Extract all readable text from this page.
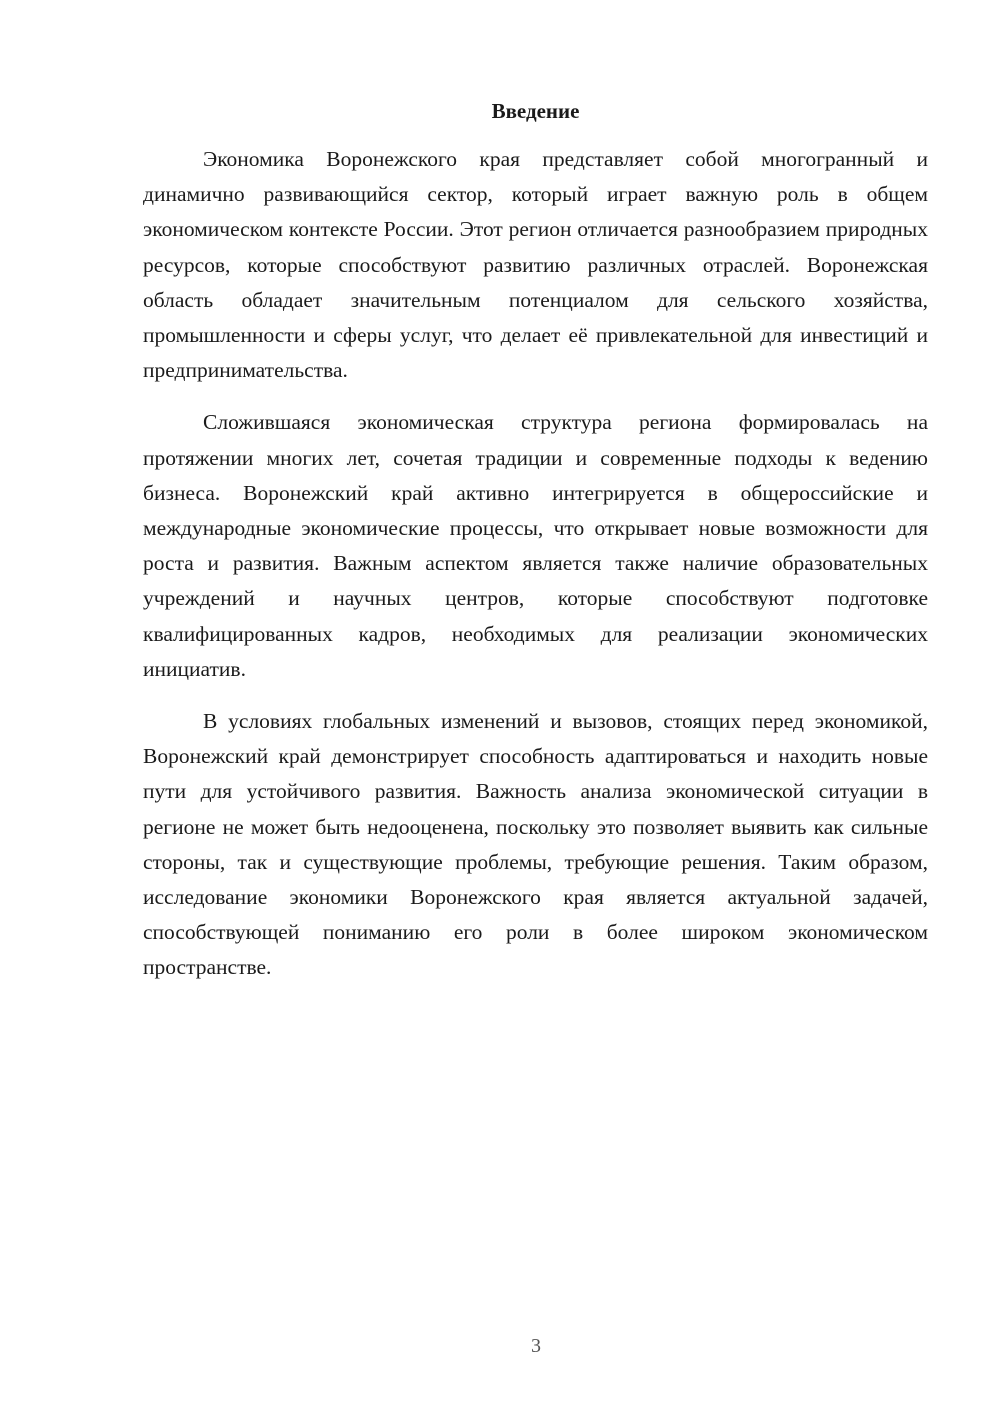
Введение

Экономика Воронежского края представляет собой многогранный и динамично развивающийся сектор, который играет важную роль в общем экономическом контексте России. Этот регион отличается разнообразием природных ресурсов, которые способствуют развитию различных отраслей. Воронежская область обладает значительным потенциалом для сельского хозяйства, промышленности и сферы услуг, что делает её привлекательной для инвестиций и предпринимательства.

Сложившаяся экономическая структура региона формировалась на протяжении многих лет, сочетая традиции и современные подходы к ведению бизнеса. Воронежский край активно интегрируется в общероссийские и международные экономические процессы, что открывает новые возможности для роста и развития. Важным аспектом является также наличие образовательных учреждений и научных центров, которые способствуют подготовке квалифицированных кадров, необходимых для реализации экономических инициатив.

В условиях глобальных изменений и вызовов, стоящих перед экономикой, Воронежский край демонстрирует способность адаптироваться и находить новые пути для устойчивого развития. Важность анализа экономической ситуации в регионе не может быть недооценена, поскольку это позволяет выявить как сильные стороны, так и существующие проблемы, требующие решения. Таким образом, исследование экономики Воронежского края является актуальной задачей, способствующей пониманию его роли в более широком экономическом пространстве.

3
